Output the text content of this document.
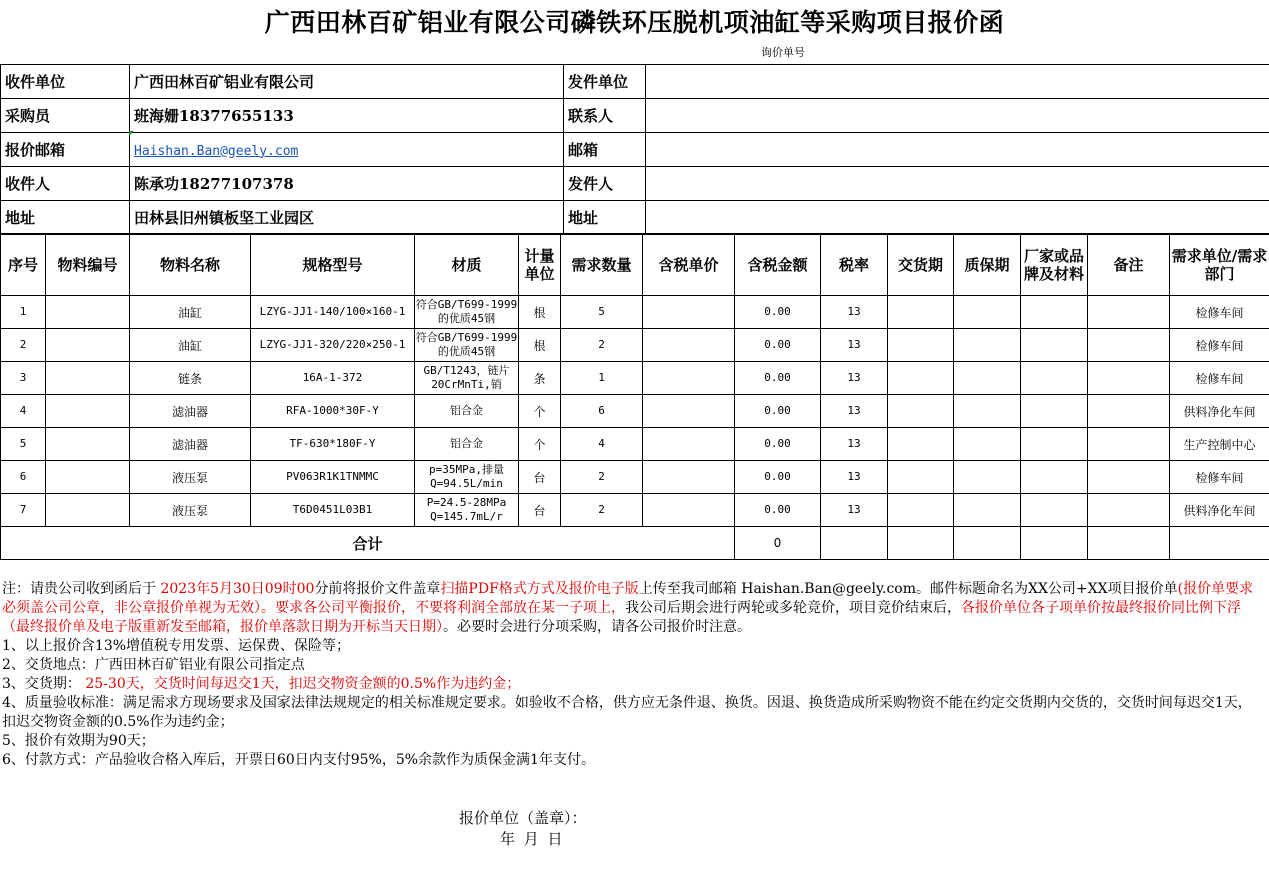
广西田林百矿铝业有限公司磷铁环压脱机项油缸等采购项目报价函
询价单号
收件单位	广西田林百矿铝业有限公司	发件单位	
采购员	班海姗18377655133	联系人	
报价邮箱	Haishan.Ban@geely.com	邮箱	
收件人	陈承功18277107378	发件人	
地址	田林县旧州镇板坚工业园区	地址	
序号	物料编号	物料名称	规格型号	材质	计量单位	需求数量	含税单价	含税金额	税率	交货期	质保期	厂家或品牌及材料	备注	需求单位/需求部门
1		油缸	LZYG-JJ1-140/100×160-1	符合GB/T699-1999的优质45钢	根	5		0.00	13					检修车间
2		油缸	LZYG-JJ1-320/220×250-1	符合GB/T699-1999的优质45钢	根	2		0.00	13					检修车间
3		链条	16A-1-372	GB/T1243，链片20CrMnTi,销	条	1		0.00	13					检修车间
4		滤油器	RFA-1000*30F-Y	铝合金	个	6		0.00	13					供料净化车间
5		滤油器	TF-630*180F-Y	铝合金	个	4		0.00	13					生产控制中心
6		液压泵	PV063R1K1TNMMC	p=35MPa,排量Q=94.5L/min	台	2		0.00	13					检修车间
7		液压泵	T6D0451L03B1	P=24.5-28MPa Q=145.7mL/r	台	2		0.00	13					供料净化车间
合计								0						

注：请贵公司收到函后于 2023年5月30日09时00分前将报价文件盖章扫描PDF格式方式及报价电子版上传至我司邮箱 Haishan.Ban@geely.com。邮件标题命名为XX公司+XX项目报价单(报价单要求必须盖公司公章，非公章报价单视为无效）。要求各公司平衡报价，不要将利润全部放在某一子项上，我公司后期会进行两轮或多轮竞价，项目竞价结束后，各报价单位各子项单价按最终报价同比例下浮（最终报价单及电子版重新发至邮箱，报价单落款日期为开标当天日期）。必要时会进行分项采购，请各公司报价时注意。

1、以上报价含13%增值税专用发票、运保费、保险等；

2、交货地点：广西田林百矿铝业有限公司指定点

3、交货期： 25-30天，交货时间每迟交1天，扣迟交物资金额的0.5%作为违约金；

4、质量验收标准：满足需求方现场要求及国家法律法规规定的相关标准规定要求。如验收不合格，供方应无条件退、换货。因退、换货造成所采购物资不能在约定交货期内交货的，交货时间每迟交1天，扣迟交物资金额的0.5%作为违约金；

5、报价有效期为90天；

6、付款方式：产品验收合格入库后，开票日60日内支付95%，5%余款作为质保金满1年支付。

报价单位（盖章）：
年 月 日
